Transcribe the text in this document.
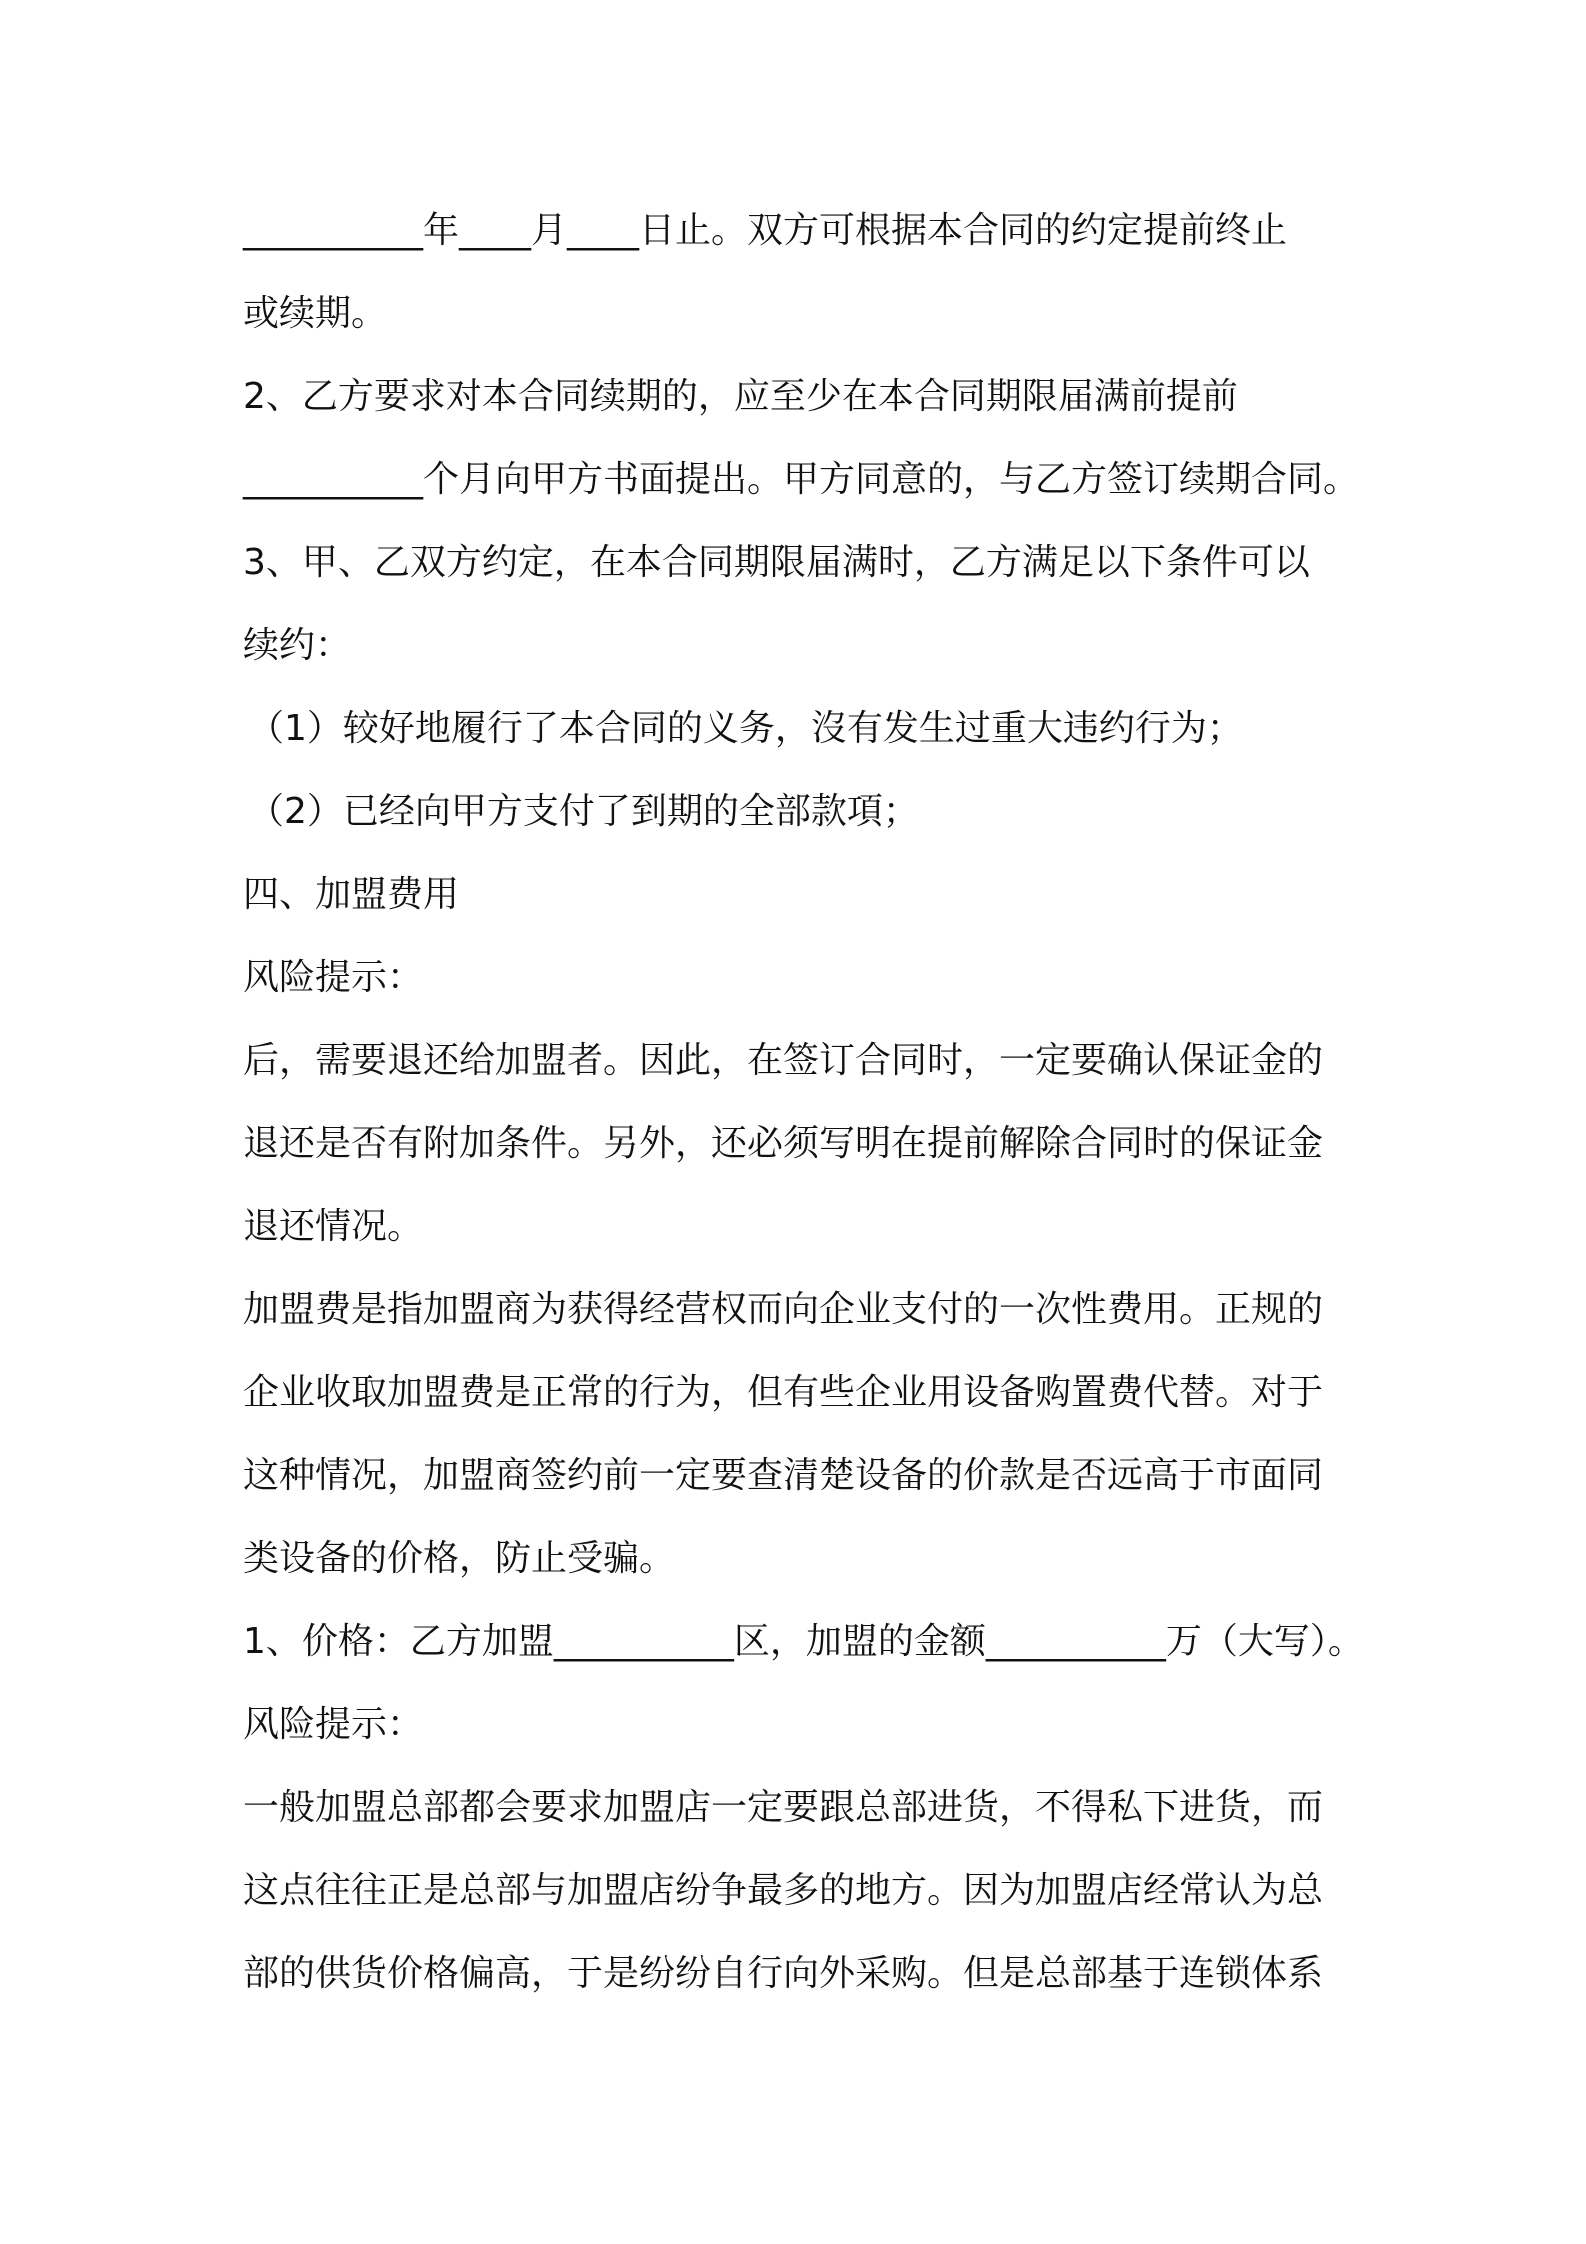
__________年____月____日止。双方可根据本合同的约定提前终止
或续期。
2、乙方要求对本合同续期的，应至少在本合同期限届满前提前
__________个月向甲方书面提出。甲方同意的，与乙方签订续期合同。
3、甲、乙双方约定，在本合同期限届满时，乙方满足以下条件可以
续约：
（1）较好地履行了本合同的义务，沒有发生过重大违约行为；
（2）已经向甲方支付了到期的全部款項；
四、加盟费用
风险提示：
后，需要退还给加盟者。因此，在签订合同时，一定要确认保证金的
退还是否有附加条件。另外，还必须写明在提前解除合同时的保证金
退还情况。
加盟费是指加盟商为获得经营权而向企业支付的一次性费用。正规的
企业收取加盟费是正常的行为，但有些企业用设备购置费代替。对于
这种情况，加盟商签约前一定要查清楚设备的价款是否远高于市面同
类设备的价格，防止受骗。
1、价格：乙方加盟__________区，加盟的金额__________万（大写）。
风险提示：
一般加盟总部都会要求加盟店一定要跟总部进货，不得私下进货，而
这点往往正是总部与加盟店纷争最多的地方。因为加盟店经常认为总
部的供货价格偏高，于是纷纷自行向外采购。但是总部基于连锁体系
